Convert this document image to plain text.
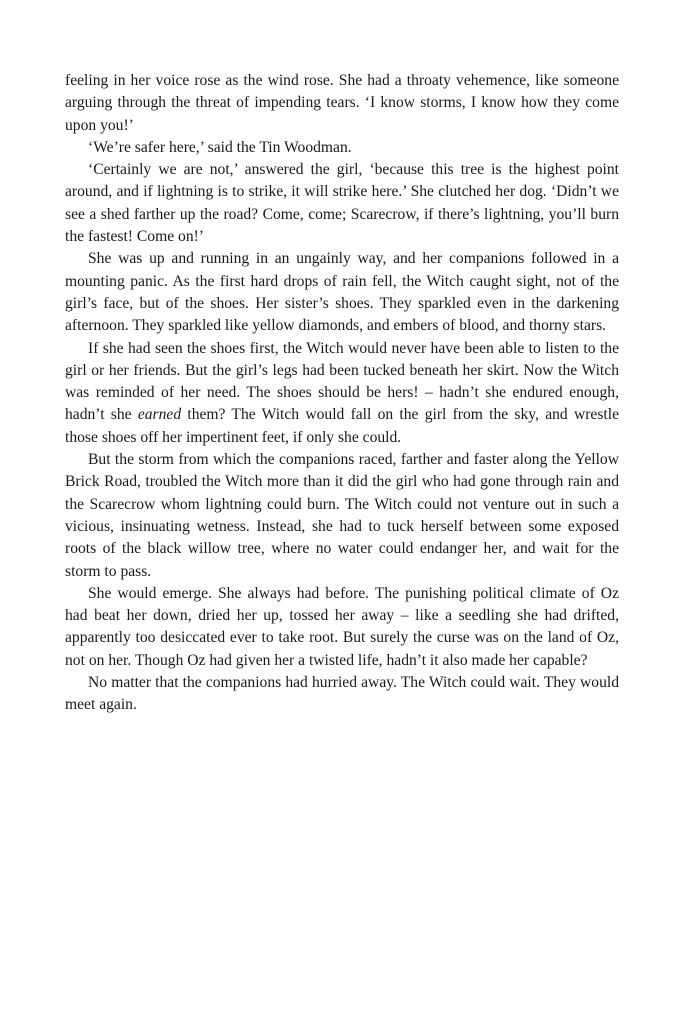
feeling in her voice rose as the wind rose. She had a throaty vehemence, like someone arguing through the threat of impending tears. ‘I know storms, I know how they come upon you!’

‘We’re safer here,’ said the Tin Woodman.

‘Certainly we are not,’ answered the girl, ‘because this tree is the highest point around, and if lightning is to strike, it will strike here.’ She clutched her dog. ‘Didn’t we see a shed farther up the road? Come, come; Scarecrow, if there’s lightning, you’ll burn the fastest! Come on!’

She was up and running in an ungainly way, and her companions followed in a mounting panic. As the first hard drops of rain fell, the Witch caught sight, not of the girl’s face, but of the shoes. Her sister’s shoes. They sparkled even in the darkening afternoon. They sparkled like yellow diamonds, and embers of blood, and thorny stars.

If she had seen the shoes first, the Witch would never have been able to listen to the girl or her friends. But the girl’s legs had been tucked beneath her skirt. Now the Witch was reminded of her need. The shoes should be hers! – hadn’t she endured enough, hadn’t she earned them? The Witch would fall on the girl from the sky, and wrestle those shoes off her impertinent feet, if only she could.

But the storm from which the companions raced, farther and faster along the Yellow Brick Road, troubled the Witch more than it did the girl who had gone through rain and the Scarecrow whom lightning could burn. The Witch could not venture out in such a vicious, insinuating wetness. Instead, she had to tuck herself between some exposed roots of the black willow tree, where no water could endanger her, and wait for the storm to pass.

She would emerge. She always had before. The punishing political climate of Oz had beat her down, dried her up, tossed her away – like a seedling she had drifted, apparently too desiccated ever to take root. But surely the curse was on the land of Oz, not on her. Though Oz had given her a twisted life, hadn’t it also made her capable?

No matter that the companions had hurried away. The Witch could wait. They would meet again.
